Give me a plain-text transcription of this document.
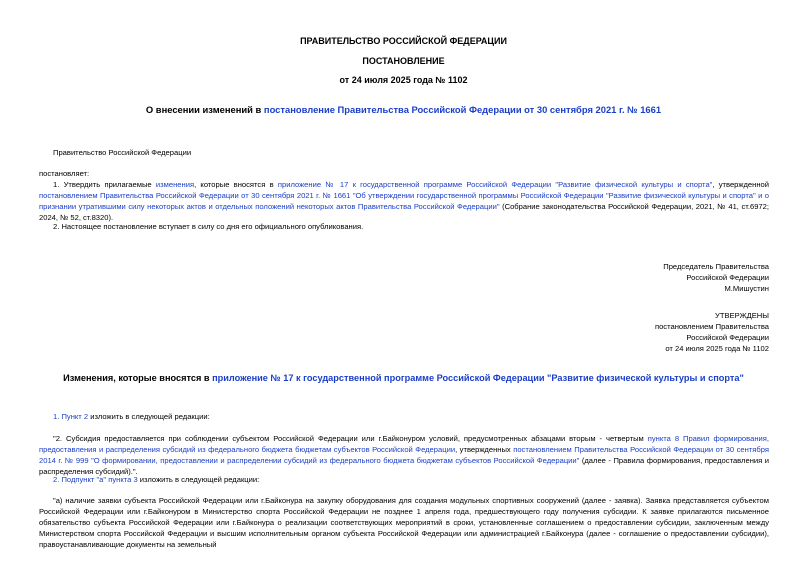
ПРАВИТЕЛЬСТВО РОССИЙСКОЙ ФЕДЕРАЦИИ
ПОСТАНОВЛЕНИЕ
от 24 июля 2025 года № 1102
О внесении изменений в постановление Правительства Российской Федерации от 30 сентября 2021 г. № 1661
Правительство Российской Федерации
постановляет:
1. Утвердить прилагаемые изменения, которые вносятся в приложение № 17 к государственной программе Российской Федерации "Развитие физической культуры и спорта", утвержденной постановлением Правительства Российской Федерации от 30 сентября 2021 г. № 1661 "Об утверждении государственной программы Российской Федерации "Развитие физической культуры и спорта" и о признании утратившими силу некоторых актов и отдельных положений некоторых актов Правительства Российской Федерации" (Собрание законодательства Российской Федерации, 2021, № 41, ст.6972; 2024, № 52, ст.8320).
2. Настоящее постановление вступает в силу со дня его официального опубликования.

Председатель Правительства

Российской Федерации

М.Мишустин

УТВЕРЖДЕНЫ

постановлением Правительства

Российской Федерации

от 24 июля 2025 года № 1102

Изменения, которые вносятся в приложение № 17 к государственной программе Российской Федерации "Развитие физической культуры и спорта"
1. Пункт 2 изложить в следующей редакции:
"2. Субсидия предоставляется при соблюдении субъектом Российской Федерации или г.Байконуром условий, предусмотренных абзацами вторым - четвертым пункта 8 Правил формирования, предоставления и распределения субсидий из федерального бюджета бюджетам субъектов Российской Федерации, утвержденных постановлением Правительства Российской Федерации от 30 сентября 2014 г. № 999 "О формировании, предоставлении и распределении субсидий из федерального бюджета бюджетам субъектов Российской Федерации" (далее - Правила формирования, предоставления и распределения субсидий).".
2. Подпункт "а" пункта 3 изложить в следующей редакции:
"а) наличие заявки субъекта Российской Федерации или г.Байконура на закупку оборудования для создания модульных спортивных сооружений (далее - заявка). Заявка представляется субъектом Российской Федерации или г.Байконуром в Министерство спорта Российской Федерации не позднее 1 апреля года, предшествующего году получения субсидии. К заявке прилагаются письменное обязательство субъекта Российской Федерации или г.Байконура о реализации соответствующих мероприятий в сроки, установленные соглашением о предоставлении субсидии, заключенным между Министерством спорта Российской Федерации и высшим исполнительным органом субъекта Российской Федерации или администрацией г.Байконура (далее - соглашение о предоставлении субсидии), правоустанавливающие документы на земельный
